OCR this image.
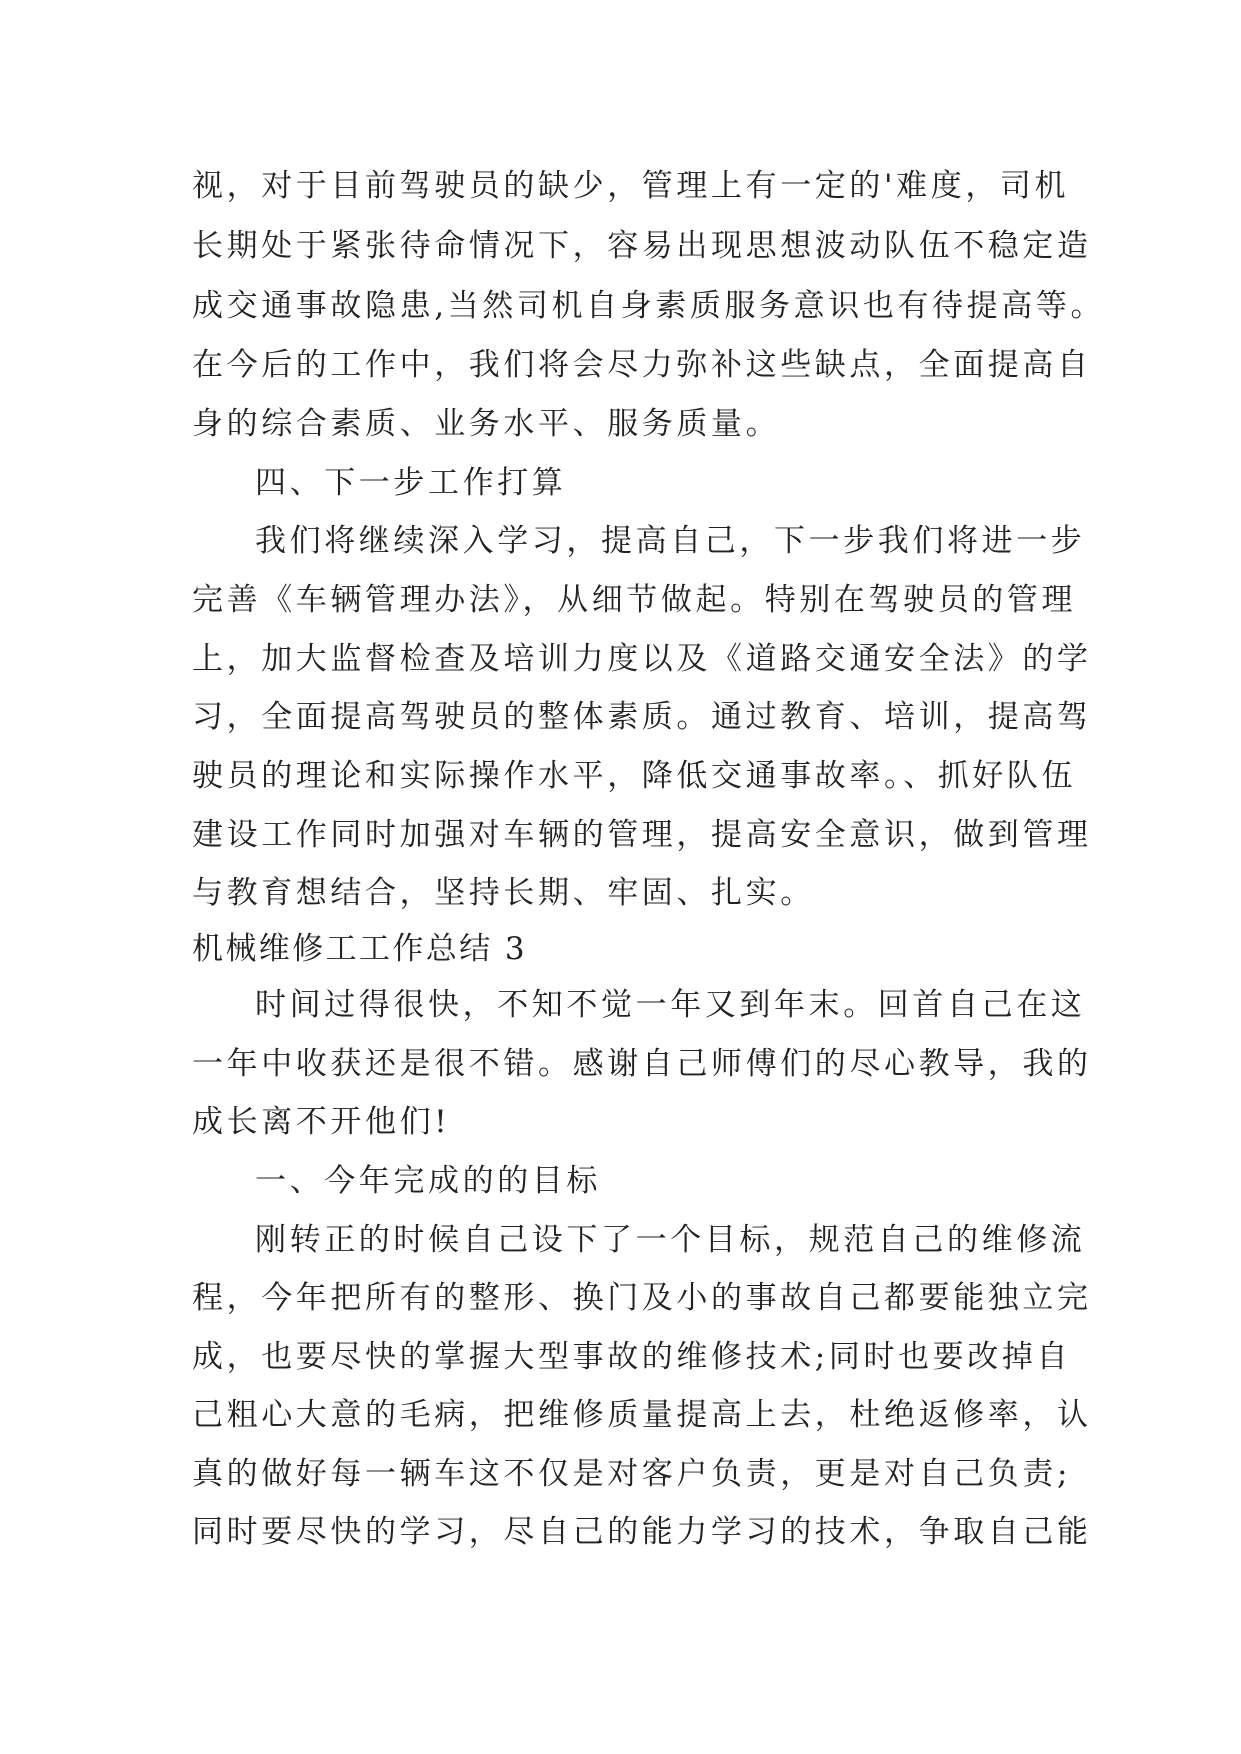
视，对于目前驾驶员的缺少，管理上有一定的'难度，司机

长期处于紧张待命情况下，容易出现思想波动队伍不稳定造

成交通事故隐患,当然司机自身素质服务意识也有待提高等。

在今后的工作中，我们将会尽力弥补这些缺点，全面提高自

身的综合素质、业务水平、服务质量。

四、下一步工作打算

我们将继续深入学习，提高自己，下一步我们将进一步

完善《车辆管理办法》，从细节做起。特别在驾驶员的管理

上，加大监督检查及培训力度以及《道路交通安全法》的学

习，全面提高驾驶员的整体素质。通过教育、培训，提高驾

驶员的理论和实际操作水平，降低交通事故率。、抓好队伍

建设工作同时加强对车辆的管理，提高安全意识，做到管理

与教育想结合，坚持长期、牢固、扎实。

机械维修工工作总结 3

时间过得很快，不知不觉一年又到年末。回首自己在这

一年中收获还是很不错。感谢自己师傅们的尽心教导，我的

成长离不开他们!

一、今年完成的的目标

刚转正的时候自己设下了一个目标，规范自己的维修流

程，今年把所有的整形、换门及小的事故自己都要能独立完

成，也要尽快的掌握大型事故的维修技术;同时也要改掉自

己粗心大意的毛病，把维修质量提高上去，杜绝返修率，认

真的做好每一辆车这不仅是对客户负责，更是对自己负责;

同时要尽快的学习，尽自己的能力学习的技术，争取自己能
